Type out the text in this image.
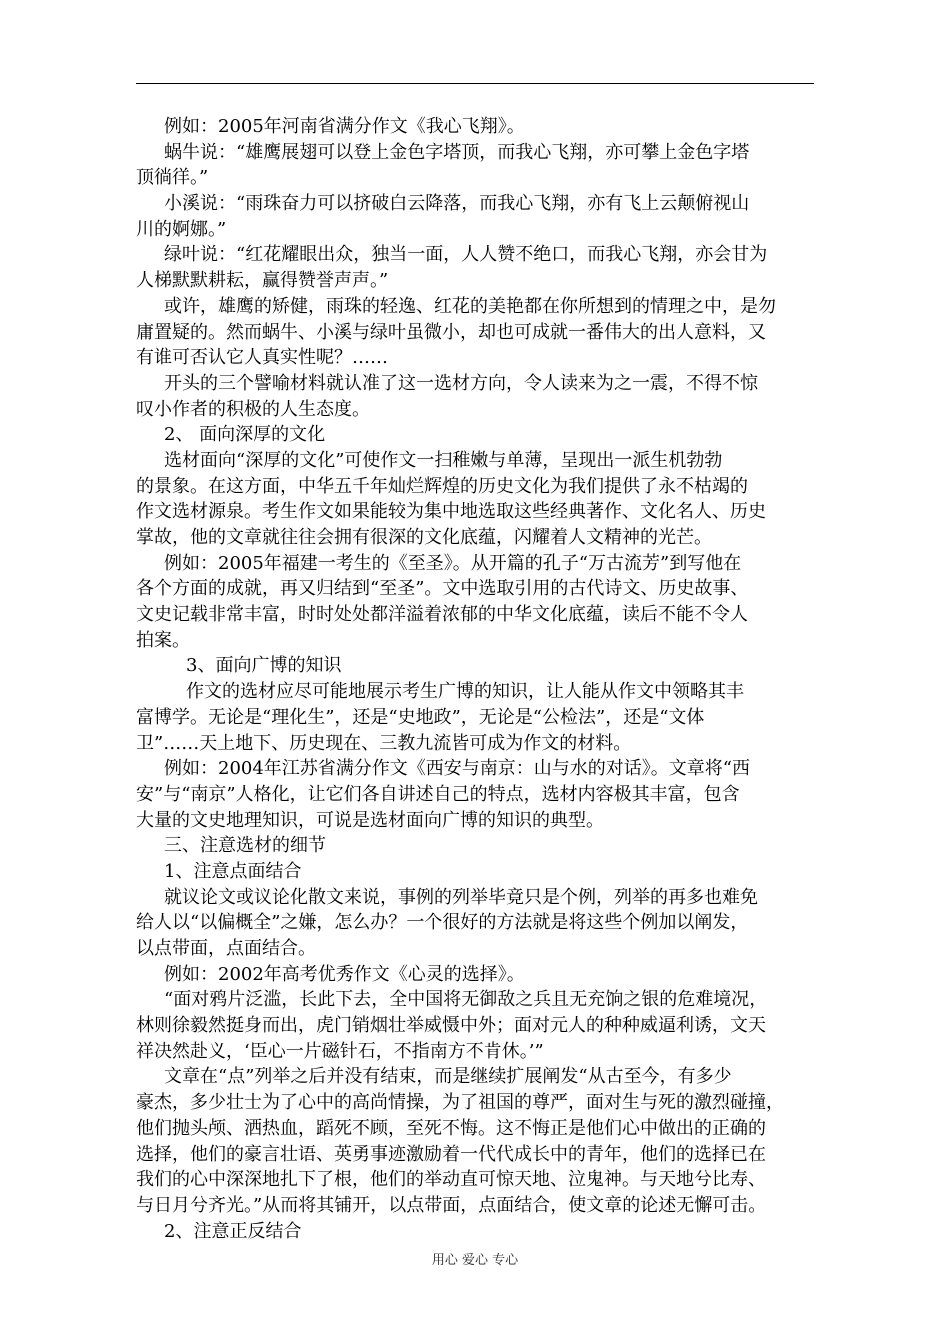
例如：2005年河南省满分作文《我心飞翔》。
蜗牛说：“雄鹰展翅可以登上金色字塔顶，而我心飞翔，亦可攀上金色字塔
顶徜徉。”
小溪说：“雨珠奋力可以挤破白云降落，而我心飞翔，亦有飞上云颠俯视山
川的婀娜。”
绿叶说：“红花耀眼出众，独当一面，人人赞不绝口，而我心飞翔，亦会甘为
人梯默默耕耘，赢得赞誉声声。”
或许，雄鹰的矫健，雨珠的轻逸、红花的美艳都在你所想到的情理之中，是勿
庸置疑的。然而蜗牛、小溪与绿叶虽微小，却也可成就一番伟大的出人意料，又
有谁可否认它人真实性呢？……
开头的三个譬喻材料就认准了这一选材方向，令人读来为之一震，不得不惊
叹小作者的积极的人生态度。
2、 面向深厚的文化
选材面向“深厚的文化”可使作文一扫稚嫩与单薄，呈现出一派生机勃勃
的景象。在这方面，中华五千年灿烂辉煌的历史文化为我们提供了永不枯竭的
作文选材源泉。考生作文如果能较为集中地选取这些经典著作、文化名人、历史
掌故，他的文章就往往会拥有很深的文化底蕴，闪耀着人文精神的光芒。
例如：2005年福建一考生的《至圣》。从开篇的孔子“万古流芳”到写他在
各个方面的成就，再又归结到“至圣”。文中选取引用的古代诗文、历史故事、
文史记载非常丰富，时时处处都洋溢着浓郁的中华文化底蕴，读后不能不令人
拍案。
3、面向广博的知识
作文的选材应尽可能地展示考生广博的知识，让人能从作文中领略其丰
富博学。无论是“理化生”，还是“史地政”，无论是“公检法”，还是“文体
卫”……天上地下、历史现在、三教九流皆可成为作文的材料。
例如：2004年江苏省满分作文《西安与南京：山与水的对话》。文章将“西
安”与“南京”人格化，让它们各自讲述自己的特点，选材内容极其丰富，包含
大量的文史地理知识，可说是选材面向广博的知识的典型。
三、注意选材的细节
1、注意点面结合
就议论文或议论化散文来说，事例的列举毕竟只是个例，列举的再多也难免
给人以“以偏概全”之嫌，怎么办？一个很好的方法就是将这些个例加以阐发，
以点带面，点面结合。
例如：2002年高考优秀作文《心灵的选择》。
“面对鸦片泛滥，长此下去，全中国将无御敌之兵且无充饷之银的危难境况，
林则徐毅然挺身而出，虎门销烟壮举威慑中外；面对元人的种种威逼利诱，文天
祥决然赴义，‘臣心一片磁针石，不指南方不肯休。’”
文章在“点”列举之后并没有结束，而是继续扩展阐发“从古至今，有多少
豪杰，多少壮士为了心中的高尚情操，为了祖国的尊严，面对生与死的激烈碰撞，
他们抛头颅、洒热血，蹈死不顾，至死不悔。这不悔正是他们心中做出的正确的
选择，他们的豪言壮语、英勇事迹激励着一代代成长中的青年，他们的选择已在
我们的心中深深地扎下了根，他们的举动直可惊天地、泣鬼神。与天地兮比寿、
与日月兮齐光。”从而将其铺开，以点带面，点面结合，使文章的论述无懈可击。
2、注意正反结合
用心 爱心 专心
